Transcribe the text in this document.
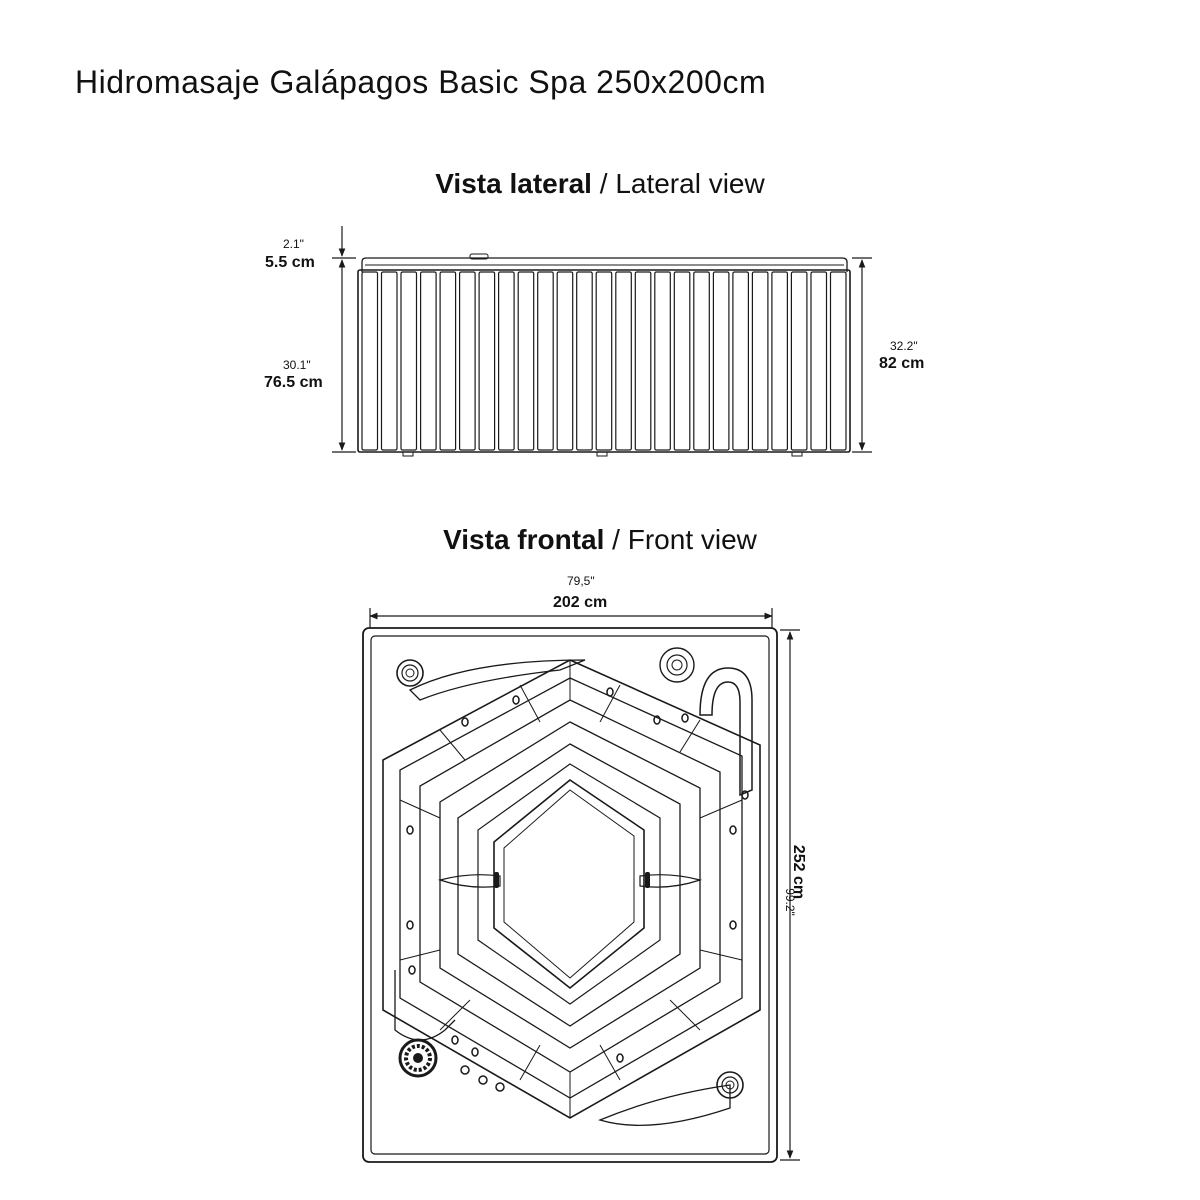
Hidromasaje Galápagos Basic Spa 250x200cm
Vista lateral / Lateral view
Vista frontal / Front view
2.1"
5.5 cm
30.1"
76.5 cm
32.2"
82 cm
79,5"
202 cm
99.2"
252 cm
